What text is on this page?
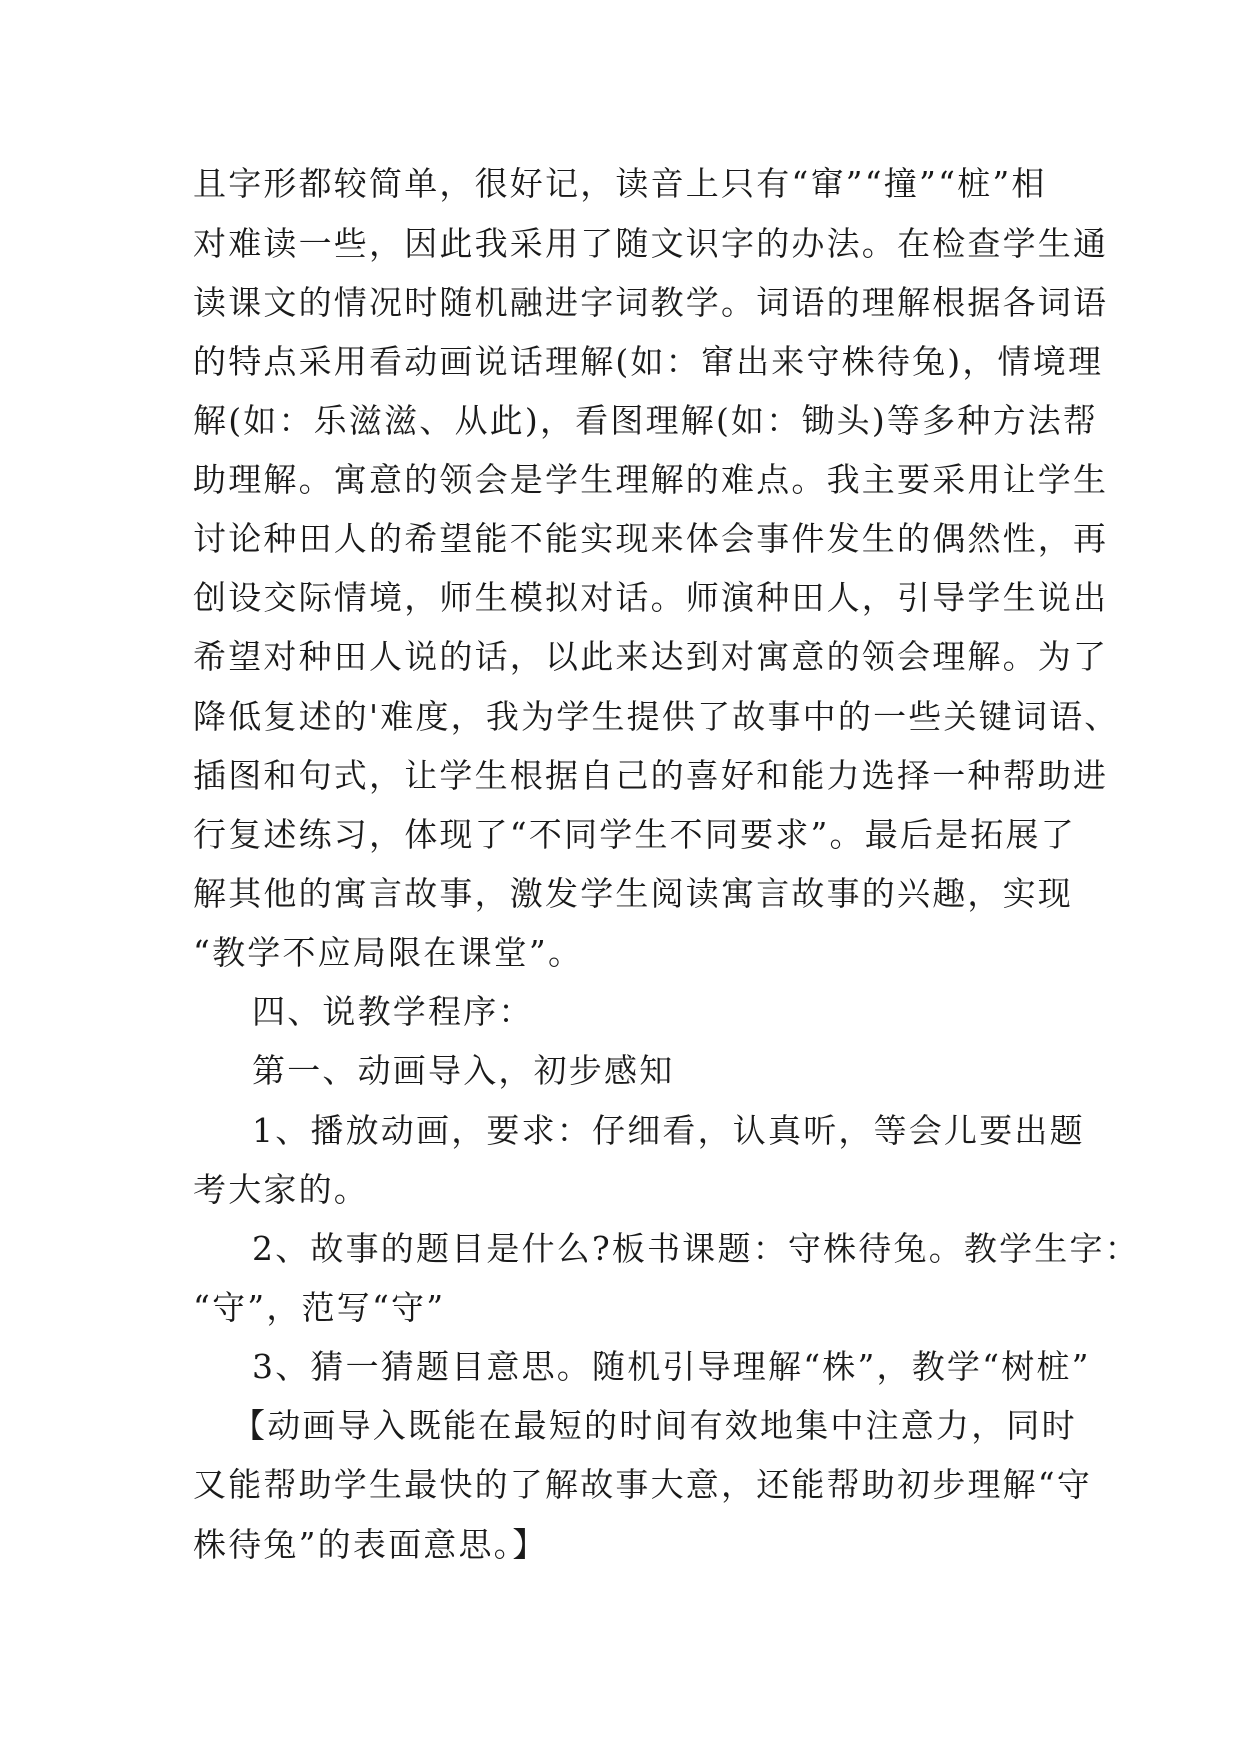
且字形都较简单，很好记，读音上只有“窜”“撞”“桩”相
对难读一些，因此我采用了随文识字的办法。在检查学生通
读课文的情况时随机融进字词教学。词语的理解根据各词语
的特点采用看动画说话理解(如：窜出来守株待兔)，情境理
解(如：乐滋滋、从此)，看图理解(如：锄头)等多种方法帮
助理解。寓意的领会是学生理解的难点。我主要采用让学生
讨论种田人的希望能不能实现来体会事件发生的偶然性，再
创设交际情境，师生模拟对话。师演种田人，引导学生说出
希望对种田人说的话，以此来达到对寓意的领会理解。为了
降低复述的'难度，我为学生提供了故事中的一些关键词语、
插图和句式，让学生根据自己的喜好和能力选择一种帮助进
行复述练习，体现了“不同学生不同要求”。最后是拓展了
解其他的寓言故事，激发学生阅读寓言故事的兴趣，实现
“教学不应局限在课堂”。
四、说教学程序：
第一、动画导入，初步感知
1、播放动画，要求：仔细看，认真听，等会儿要出题
考大家的。
2、故事的题目是什么?板书课题：守株待兔。教学生字：
“守”，范写“守”
3、猜一猜题目意思。随机引导理解“株”，教学“树桩”
【动画导入既能在最短的时间有效地集中注意力，同时
又能帮助学生最快的了解故事大意，还能帮助初步理解“守
株待兔”的表面意思。】
